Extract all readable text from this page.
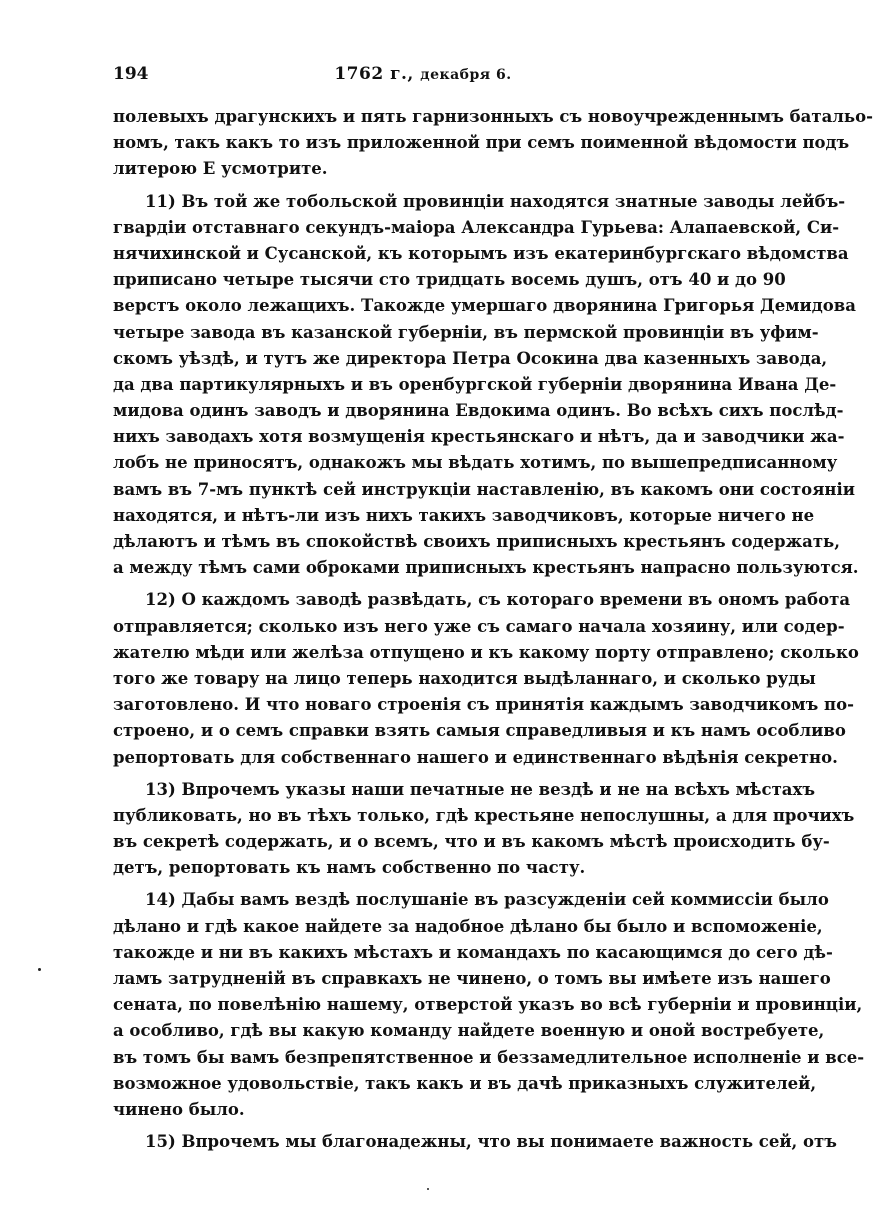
194	1762 г., декабря 6.
полевыхъ драгунскихъ и пять гарнизонныхъ съ новоучрежденнымъ батальо-
номъ, такъ какъ то изъ приложенной при семъ поименной вѣдомости подъ
литерою Е усмотрите.
11) Въ той же тобольской провинціи находятся знатные заводы лейбъ-
гвардіи отставнаго секундъ-маіора Александра Гурьева: Алапаевской, Си-
нячихинской и Сусанской, къ которымъ изъ екатеринбургскаго вѣдомства
приписано четыре тысячи сто тридцать восемь душъ, отъ 40 и до 90
верстъ около лежащихъ. Такожде умершаго дворянина Григорья Демидова
четыре завода въ казанской губерніи, въ пермской провинціи въ уфим-
скомъ уѣздѣ, и тутъ же директора Петра Осокина два казенныхъ завода,
да два партикулярныхъ и въ оренбургской губерніи дворянина Ивана Де-
мидова одинъ заводъ и дворянина Евдокима одинъ. Во всѣхъ сихъ послѣд-
нихъ заводахъ хотя возмущенія крестьянскаго и нѣтъ, да и заводчики жа-
лобъ не приносятъ, однакожъ мы вѣдать хотимъ, по вышепредписанному
вамъ въ 7-мъ пунктѣ сей инструкціи наставленію, въ какомъ они состояніи
находятся, и нѣтъ-ли изъ нихъ такихъ заводчиковъ, которые ничего не
дѣлаютъ и тѣмъ въ спокойствѣ своихъ приписныхъ крестьянъ содержать,
а между тѣмъ сами оброками приписныхъ крестьянъ напрасно пользуются.
12) О каждомъ заводѣ развѣдать, съ котораго времени въ ономъ работа
отправляется; сколько изъ него уже съ самаго начала хозяину, или содер-
жателю мѣди или желѣза отпущено и къ какому порту отправлено; сколько
того же товару на лицо теперь находится выдѣланнаго, и сколько руды
заготовлено. И что новаго строенія съ принятія каждымъ заводчикомъ по-
строено, и о семъ справки взять самыя справедливыя и къ намъ особливо
репортовать для собственнаго нашего и единственнаго вѣдѣнія секретно.
13) Впрочемъ указы наши печатные не вездѣ и не на всѣхъ мѣстахъ
публиковать, но въ тѣхъ только, гдѣ крестьяне непослушны, а для прочихъ
въ секретѣ содержать, и о всемъ, что и въ какомъ мѣстѣ происходить бу-
детъ, репортовать къ намъ собственно по часту.
14) Дабы вамъ вездѣ послушаніе въ разсужденіи сей коммиссіи было
дѣлано и гдѣ какое найдете за надобное дѣлано бы было и вспоможеніе,
такожде и ни въ какихъ мѣстахъ и командахъ по касающимся до сего дѣ-
ламъ затрудненій въ справкахъ не чинено, о томъ вы имѣете изъ нашего
сената, по повелѣнію нашему, отверстой указъ во всѣ губерніи и провинціи,
а особливо, гдѣ вы какую команду найдете военную и оной востребуете,
въ томъ бы вамъ безпрепятственное и беззамедлительное исполненіе и все-
возможное удовольствіе, такъ какъ и въ дачѣ приказныхъ служителей,
чинено было.
15) Впрочемъ мы благонадежны, что вы понимаете важность сей, отъ
